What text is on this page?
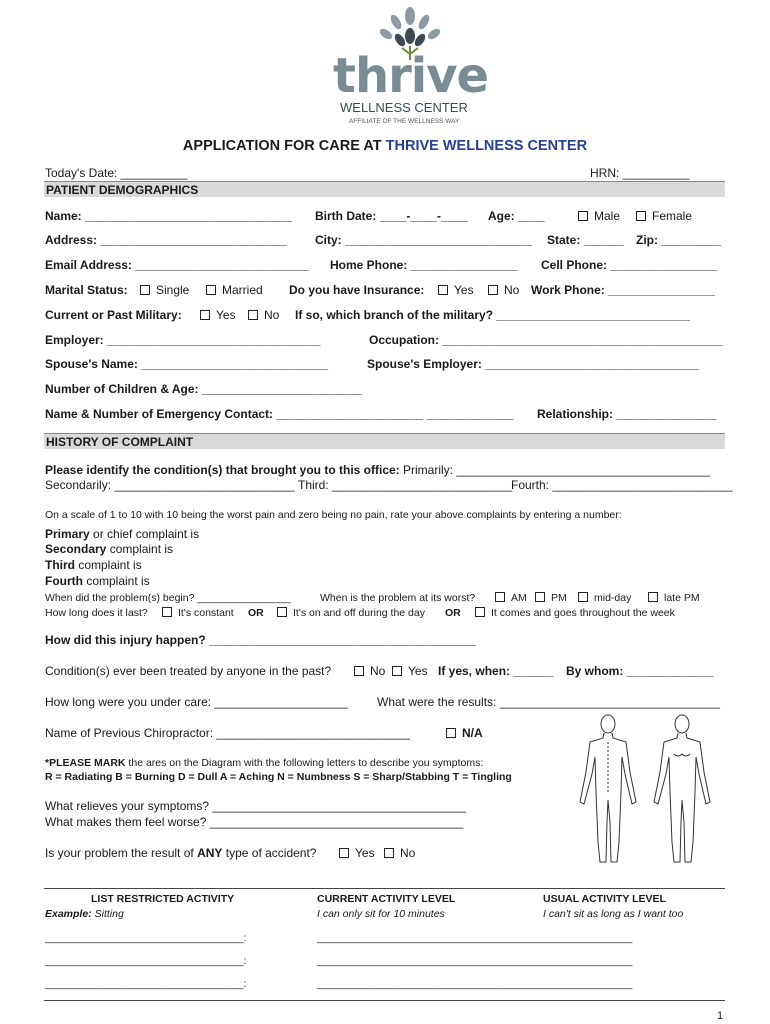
thrive
WELLNESS CENTER
AFFILIATE OF THE WELLNESS WAY
APPLICATION FOR CARE AT THRIVE WELLNESS CENTER
Today's Date: __________	HRN: __________
PATIENT DEMOGRAPHICS
Name: _______________________________ Birth Date: ____-____-____ Age: ____	Male	Female
Address: ____________________________ City: ____________________________ State: ______ Zip: _________
Email Address: __________________________ Home Phone: ________________ Cell Phone: ________________
Marital Status:	Single	Married Do you have Insurance:	Yes	No Work Phone: ________________
Current or Past Military:	Yes	No If so, which branch of the military? _____________________________
Employer: ________________________________	Occupation: __________________________________________
Spouse's Name: ____________________________	Spouse's Employer: ________________________________
Number of Children & Age: ________________________
Name & Number of Emergency Contact: ______________________ _____________ Relationship: _______________
HISTORY OF COMPLAINT
Please identify the condition(s) that brought you to this office: Primarily: ______________________________________
Secondarily: ___________________________ Third: ___________________________
Fourth: ___________________________
On a scale of 1 to 10 with 10 being the worst pain and zero being no pain, rate your above complaints by entering a number:
Primary or chief complaint is
Secondary complaint is
Third complaint is
Fourth complaint is
When did the problem(s) begin? ________________	When is the problem at its worst?	AM	PM	mid-day	late PM
How long does it last?	It's constant OR	It's on and off during the day OR	It comes and goes throughout the week
How did this injury happen? ________________________________________
Condition(s) ever been treated by anyone in the past?	No	Yes If yes, when: ______ By whom: _____________
How long were you under care: ____________________ What were the results: _________________________________
Name of Previous Chiropractor: _____________________________	N/A
*PLEASE MARK the ares on the Diagram with the following letters to describe you symptoms:
R = Radiating B = Burning D = Dull A = Aching N = Numbness S = Sharp/Stabbing T = Tingling
What relieves your symptoms? ______________________________________
What makes them feel worse? ______________________________________
Is your problem the result of ANY type of accident?	Yes	No
LIST RESTRICTED ACTIVITY	CURRENT ACTIVITY LEVEL	USUAL ACTIVITY LEVEL
Example: Sitting	I can only sit for 10 minutes	I can't sit as long as I want too
__________________________________:	______________________________________________________
__________________________________:	______________________________________________________
__________________________________:	______________________________________________________
1
